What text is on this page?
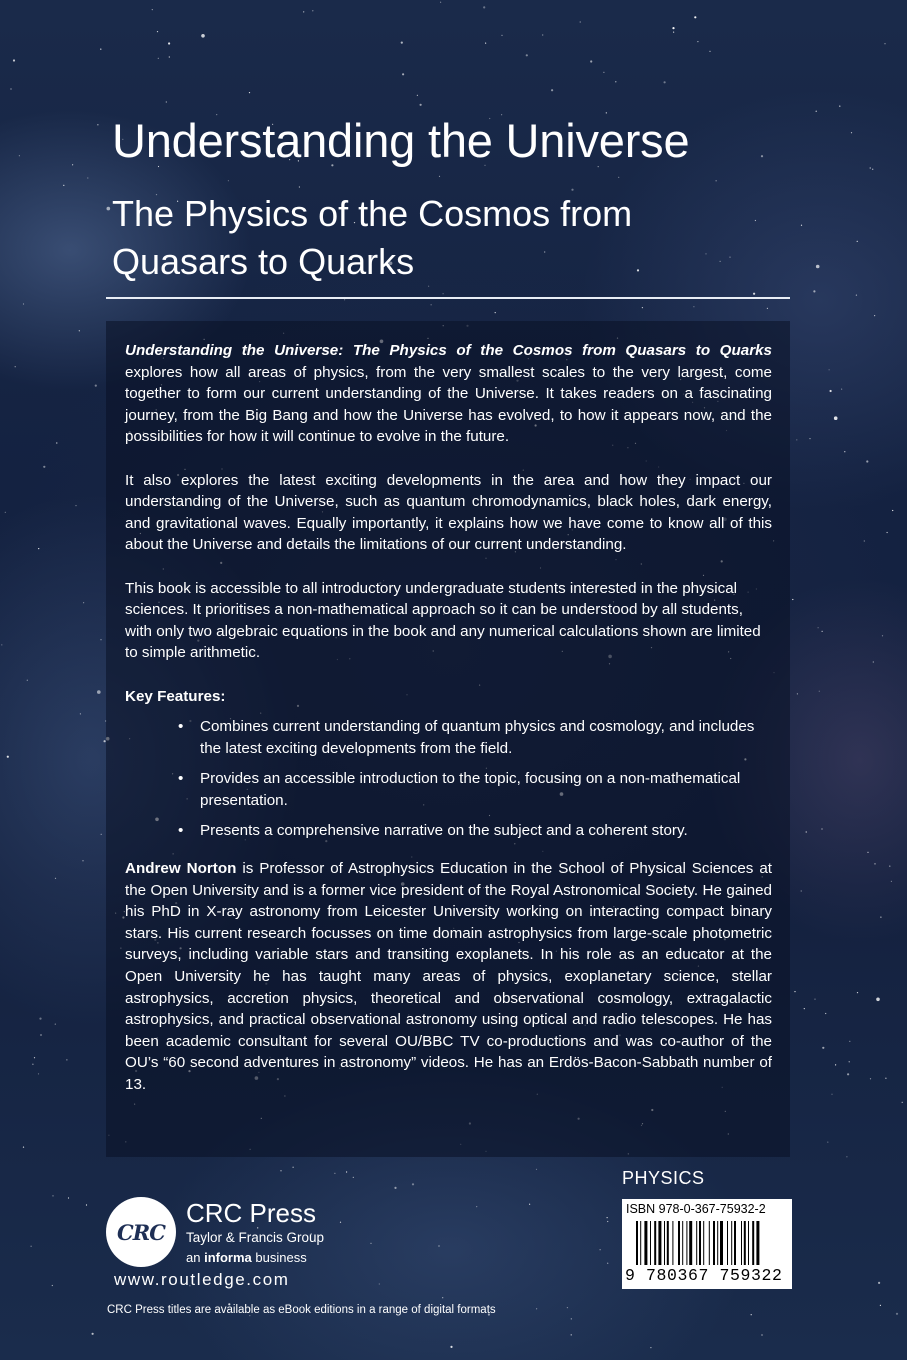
Understanding the Universe
The Physics of the Cosmos from Quasars to Quarks

Understanding the Universe: The Physics of the Cosmos from Quasars to Quarks explores how all areas of physics, from the very smallest scales to the very largest, come together to form our current understanding of the Universe. It takes readers on a fascinating journey, from the Big Bang and how the Universe has evolved, to how it appears now, and the possibilities for how it will continue to evolve in the future.

It also explores the latest exciting developments in the area and how they impact our understanding of the Universe, such as quantum chromodynamics, black holes, dark energy, and gravitational waves. Equally importantly, it explains how we have come to know all of this about the Universe and details the limitations of our current understanding.

This book is accessible to all introductory undergraduate students interested in the physical sciences. It prioritises a non-mathematical approach so it can be understood by all students, with only two algebraic equations in the book and any numerical calculations shown are limited to simple arithmetic.

Key Features:
• Combines current understanding of quantum physics and cosmology, and includes the latest exciting developments from the field.
• Provides an accessible introduction to the topic, focusing on a non-mathematical presentation.
• Presents a comprehensive narrative on the subject and a coherent story.

Andrew Norton is Professor of Astrophysics Education in the School of Physical Sciences at the Open University and is a former vice president of the Royal Astronomical Society. He gained his PhD in X-ray astronomy from Leicester University working on interacting compact binary stars. His current research focusses on time domain astrophysics from large-scale photometric surveys, including variable stars and transiting exoplanets. In his role as an educator at the Open University he has taught many areas of physics, exoplanetary science, stellar astrophysics, accretion physics, theoretical and observational cosmology, extragalactic astrophysics, and practical observational astronomy using optical and radio telescopes. He has been academic consultant for several OU/BBC TV co-productions and was co-author of the OU’s “60 second adventures in astronomy” videos. He has an Erdös-Bacon-Sabbath number of 13.

CRC
CRC Press
Taylor & Francis Group
an informa business
www.routledge.com
CRC Press titles are available as eBook editions in a range of digital formats
PHYSICS
ISBN 978-0-367-75932-2
9 780367 759322
